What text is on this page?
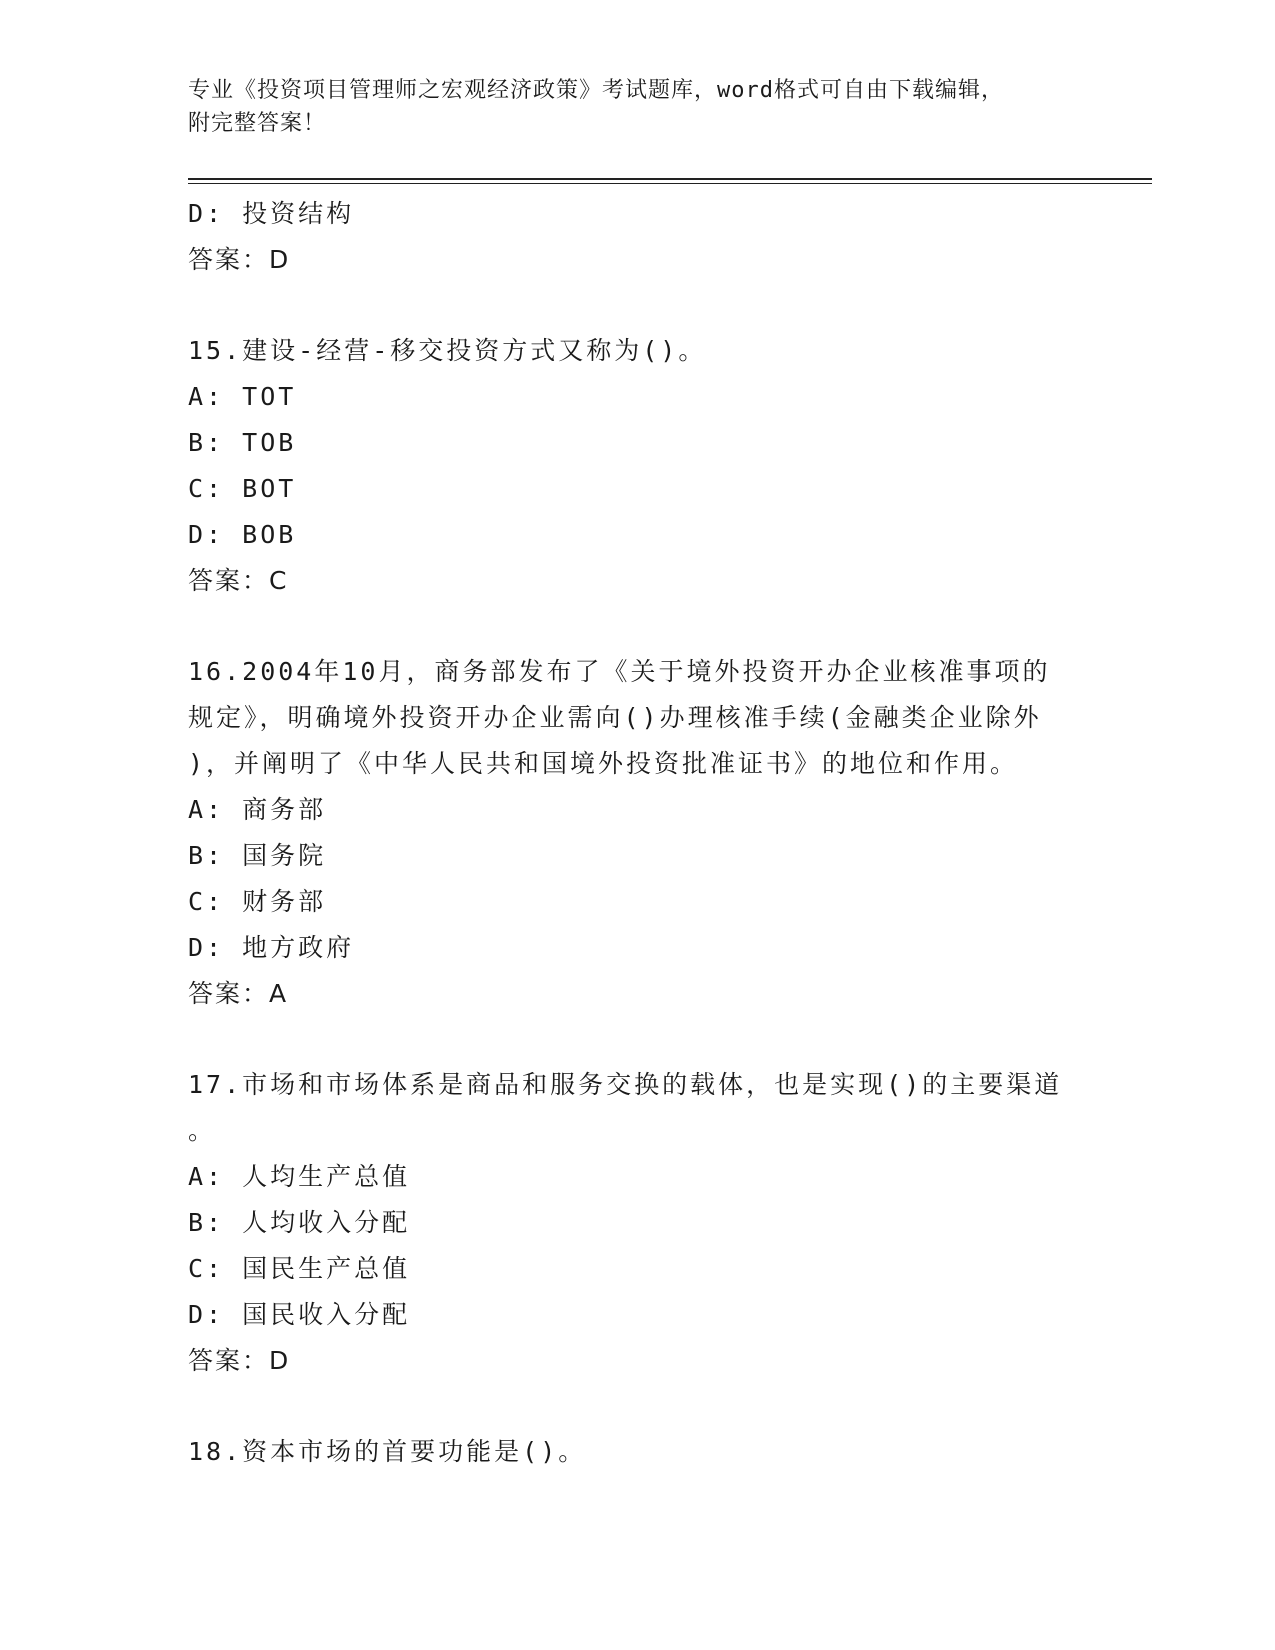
专业《投资项目管理师之宏观经济政策》考试题库，word格式可自由下载编辑，
附完整答案！
D: 投资结构
答案：D
15.建设-经营-移交投资方式又称为()。
A: TOT
B: TOB
C: BOT
D: BOB
答案：C
16.2004年10月，商务部发布了《关于境外投资开办企业核准事项的
规定》，明确境外投资开办企业需向()办理核准手续(金融类企业除外
)，并阐明了《中华人民共和国境外投资批准证书》的地位和作用。
A: 商务部
B: 国务院
C: 财务部
D: 地方政府
答案：A
17.市场和市场体系是商品和服务交换的载体，也是实现()的主要渠道
。
A: 人均生产总值
B: 人均收入分配
C: 国民生产总值
D: 国民收入分配
答案：D
18.资本市场的首要功能是()。
